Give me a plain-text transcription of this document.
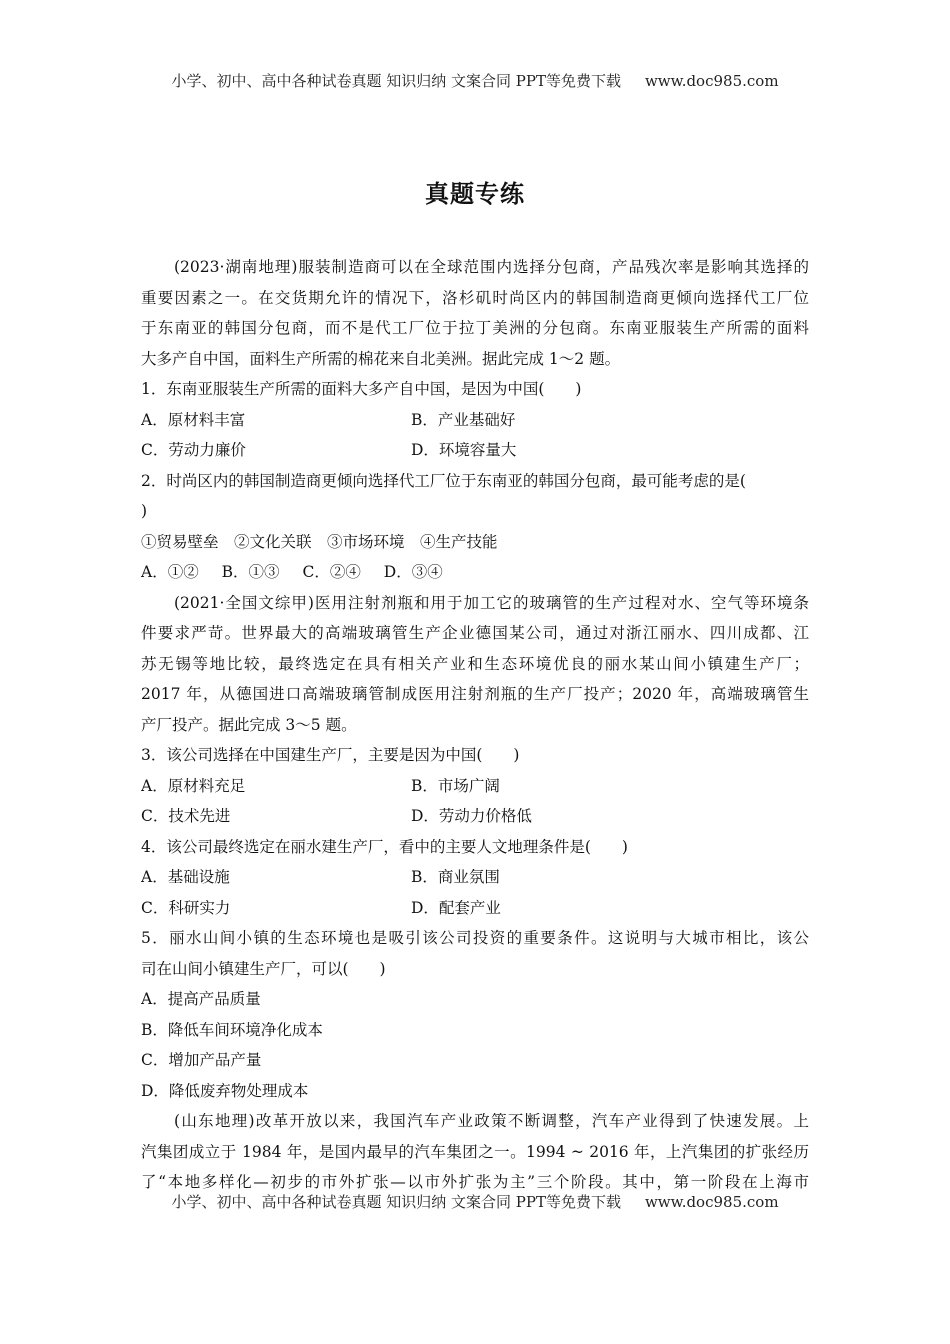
小学、初中、高中各种试卷真题 知识归纳 文案合同 PPT等免费下载 www.doc985.com
真题专练
(2023·湖南地理)服装制造商可以在全球范围内选择分包商，产品残次率是影响其选择的
重要因素之一。在交货期允许的情况下，洛杉矶时尚区内的韩国制造商更倾向选择代工厂位
于东南亚的韩国分包商，而不是代工厂位于拉丁美洲的分包商。东南亚服装生产所需的面料
大多产自中国，面料生产所需的棉花来自北美洲。据此完成 1～2 题。
1．东南亚服装生产所需的面料大多产自中国，是因为中国(　　)
A．原材料丰富	B．产业基础好
C．劳动力廉价	D．环境容量大
2．时尚区内的韩国制造商更倾向选择代工厂位于东南亚的韩国分包商，最可能考虑的是(
)
①贸易壁垒　②文化关联　③市场环境　④生产技能
A．①② B．①③ C．②④ D．③④
(2021·全国文综甲)医用注射剂瓶和用于加工它的玻璃管的生产过程对水、空气等环境条
件要求严苛。世界最大的高端玻璃管生产企业德国某公司，通过对浙江丽水、四川成都、江
苏无锡等地比较，最终选定在具有相关产业和生态环境优良的丽水某山间小镇建生产厂；
2017 年，从德国进口高端玻璃管制成医用注射剂瓶的生产厂投产；2020 年，高端玻璃管生
产厂投产。据此完成 3～5 题。
3．该公司选择在中国建生产厂，主要是因为中国(　　)
A．原材料充足	B．市场广阔
C．技术先进	D．劳动力价格低
4．该公司最终选定在丽水建生产厂，看中的主要人文地理条件是(　　)
A．基础设施	B．商业氛围
C．科研实力	D．配套产业
5．丽水山间小镇的生态环境也是吸引该公司投资的重要条件。这说明与大城市相比，该公
司在山间小镇建生产厂，可以(　　)
A．提高产品质量
B．降低车间环境净化成本
C．增加产品产量
D．降低废弃物处理成本
(山东地理)改革开放以来，我国汽车产业政策不断调整，汽车产业得到了快速发展。上
汽集团成立于 1984 年，是国内最早的汽车集团之一。1994 ~ 2016 年，上汽集团的扩张经历
了“本地多样化—初步的市外扩张—以市外扩张为主”三个阶段。其中，第一阶段在上海市
小学、初中、高中各种试卷真题 知识归纳 文案合同 PPT等免费下载 www.doc985.com
